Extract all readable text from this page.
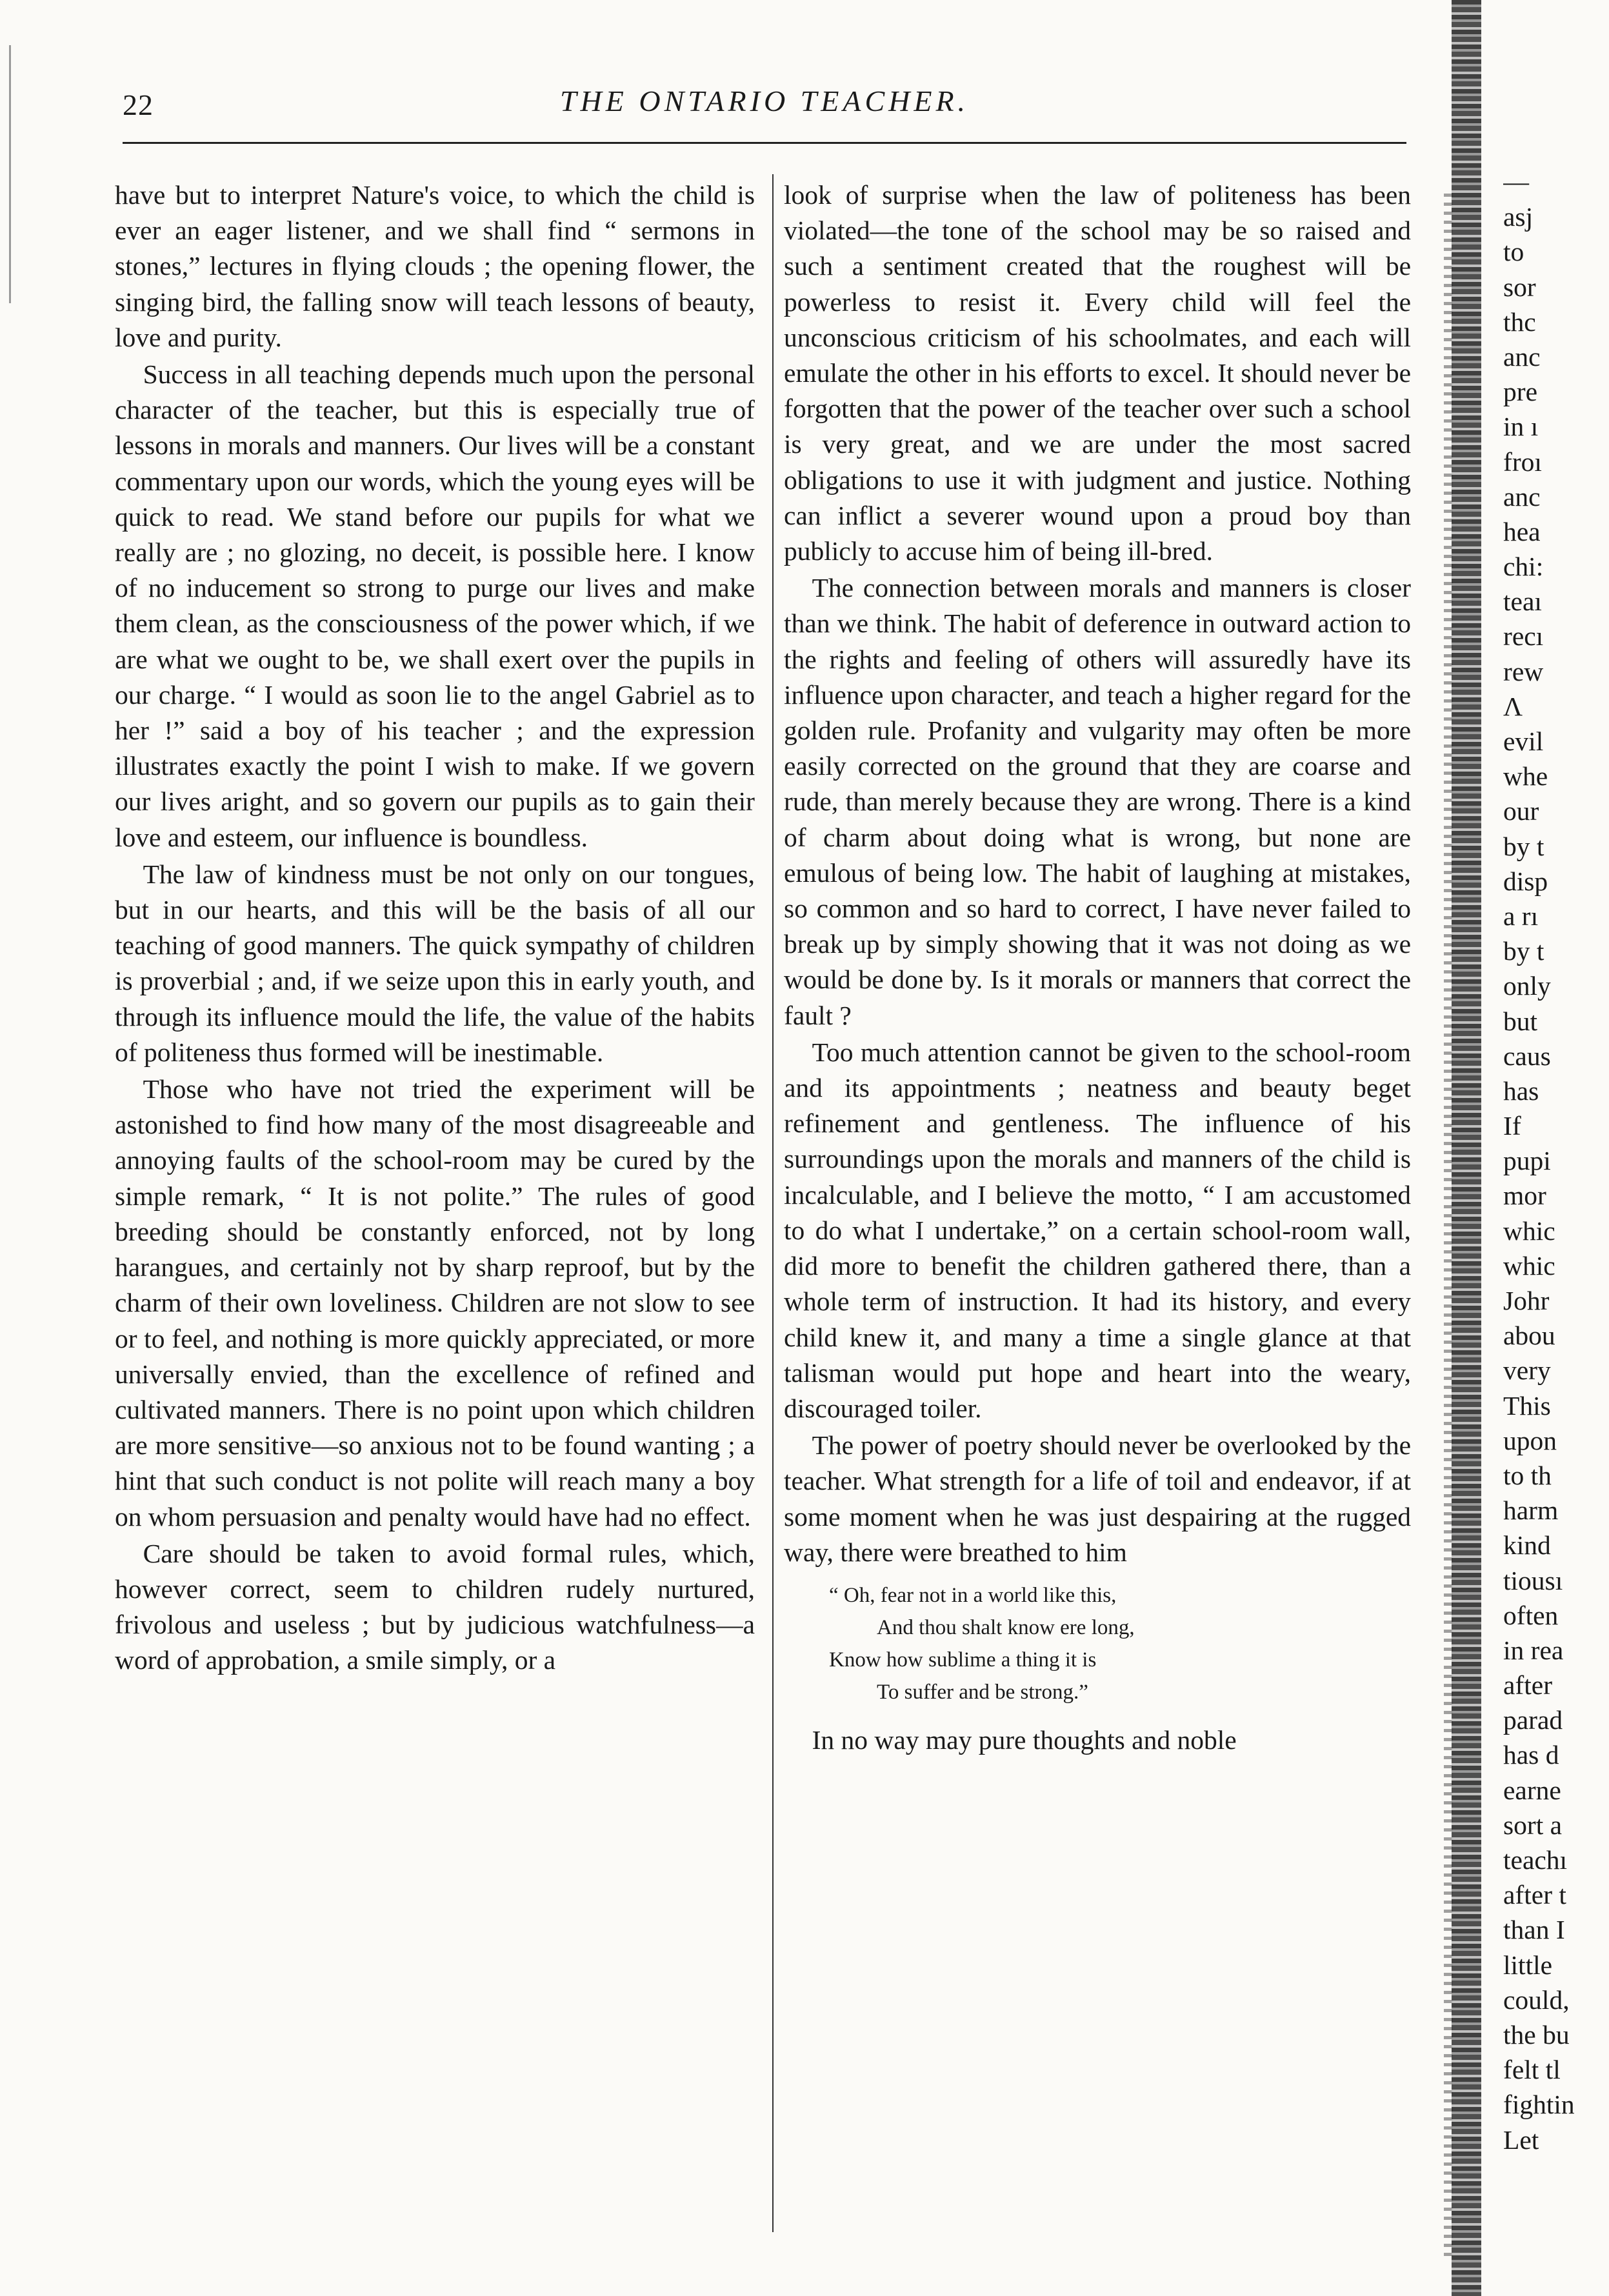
22	THE ONTARIO TEACHER.

have but to interpret Nature's voice, to which the child is ever an eager listener, and we shall find “ sermons in stones,” lectures in flying clouds ; the opening flower, the singing bird, the falling snow will teach lessons of beauty, love and purity.

Success in all teaching depends much upon the personal character of the teacher, but this is especially true of lessons in morals and manners. Our lives will be a constant commentary upon our words, which the young eyes will be quick to read. We stand before our pupils for what we really are ; no glozing, no deceit, is possible here. I know of no inducement so strong to purge our lives and make them clean, as the consciousness of the power which, if we are what we ought to be, we shall exert over the pupils in our charge. “ I would as soon lie to the angel Gabriel as to her !” said a boy of his teacher ; and the expression illustrates exactly the point I wish to make. If we govern our lives aright, and so govern our pupils as to gain their love and esteem, our influence is boundless.

The law of kindness must be not only on our tongues, but in our hearts, and this will be the basis of all our teaching of good manners. The quick sympathy of children is proverbial ; and, if we seize upon this in early youth, and through its influence mould the life, the value of the habits of politeness thus formed will be inestimable.

Those who have not tried the experiment will be astonished to find how many of the most disagreeable and annoying faults of the school-room may be cured by the simple remark, “ It is not polite.” The rules of good breeding should be constantly enforced, not by long harangues, and certainly not by sharp reproof, but by the charm of their own loveliness. Children are not slow to see or to feel, and nothing is more quickly appreciated, or more universally envied, than the excellence of refined and cultivated manners. There is no point upon which children are more sensitive—so anxious not to be found wanting ; a hint that such conduct is not polite will reach many a boy on whom persuasion and penalty would have had no effect.

Care should be taken to avoid formal rules, which, however correct, seem to children rudely nurtured, frivolous and useless ; but by judicious watchfulness—a word of approbation, a smile simply, or a

look of surprise when the law of politeness has been violated—the tone of the school may be so raised and such a sentiment created that the roughest will be powerless to resist it. Every child will feel the unconscious criticism of his schoolmates, and each will emulate the other in his efforts to excel. It should never be forgotten that the power of the teacher over such a school is very great, and we are under the most sacred obligations to use it with judgment and justice. Nothing can inflict a severer wound upon a proud boy than publicly to accuse him of being ill-bred.

The connection between morals and manners is closer than we think. The habit of deference in outward action to the rights and feeling of others will assuredly have its influence upon character, and teach a higher regard for the golden rule. Profanity and vulgarity may often be more easily corrected on the ground that they are coarse and rude, than merely because they are wrong. There is a kind of charm about doing what is wrong, but none are emulous of being low. The habit of laughing at mistakes, so common and so hard to correct, I have never failed to break up by simply showing that it was not doing as we would be done by. Is it morals or manners that correct the fault ?

Too much attention cannot be given to the school-room and its appointments ; neatness and beauty beget refinement and gentleness. The influence of his surroundings upon the morals and manners of the child is incalculable, and I believe the motto, “ I am accustomed to do what I undertake,” on a certain school-room wall, did more to benefit the children gathered there, than a whole term of instruction. It had its history, and every child knew it, and many a time a single glance at that talisman would put hope and heart into the weary, discouraged toiler.

The power of poetry should never be overlooked by the teacher. What strength for a life of toil and endeavor, if at some moment when he was just despairing at the rugged way, there were breathed to him

“ Oh, fear not in a world like this,
And thou shalt know ere long,
Know how sublime a thing it is
To suffer and be strong.”

In no way may pure thoughts and noble

—
asj
to
sor
thc
anc
pre
in ı
froı
anc
hea
chi:
teaı
recı
rew
Λ
evil
whe
our
by t
disp
a rı
by t
only
but
caus
has
If
pupi
mor
whic
whic
Johr
abou
very
This
upon
to th
harm
kind
tiousı
often
in rea
after
parad
has d
earne
sort a
teachı
after t
than I
little
could,
the bu
felt tl
fightin
Let
